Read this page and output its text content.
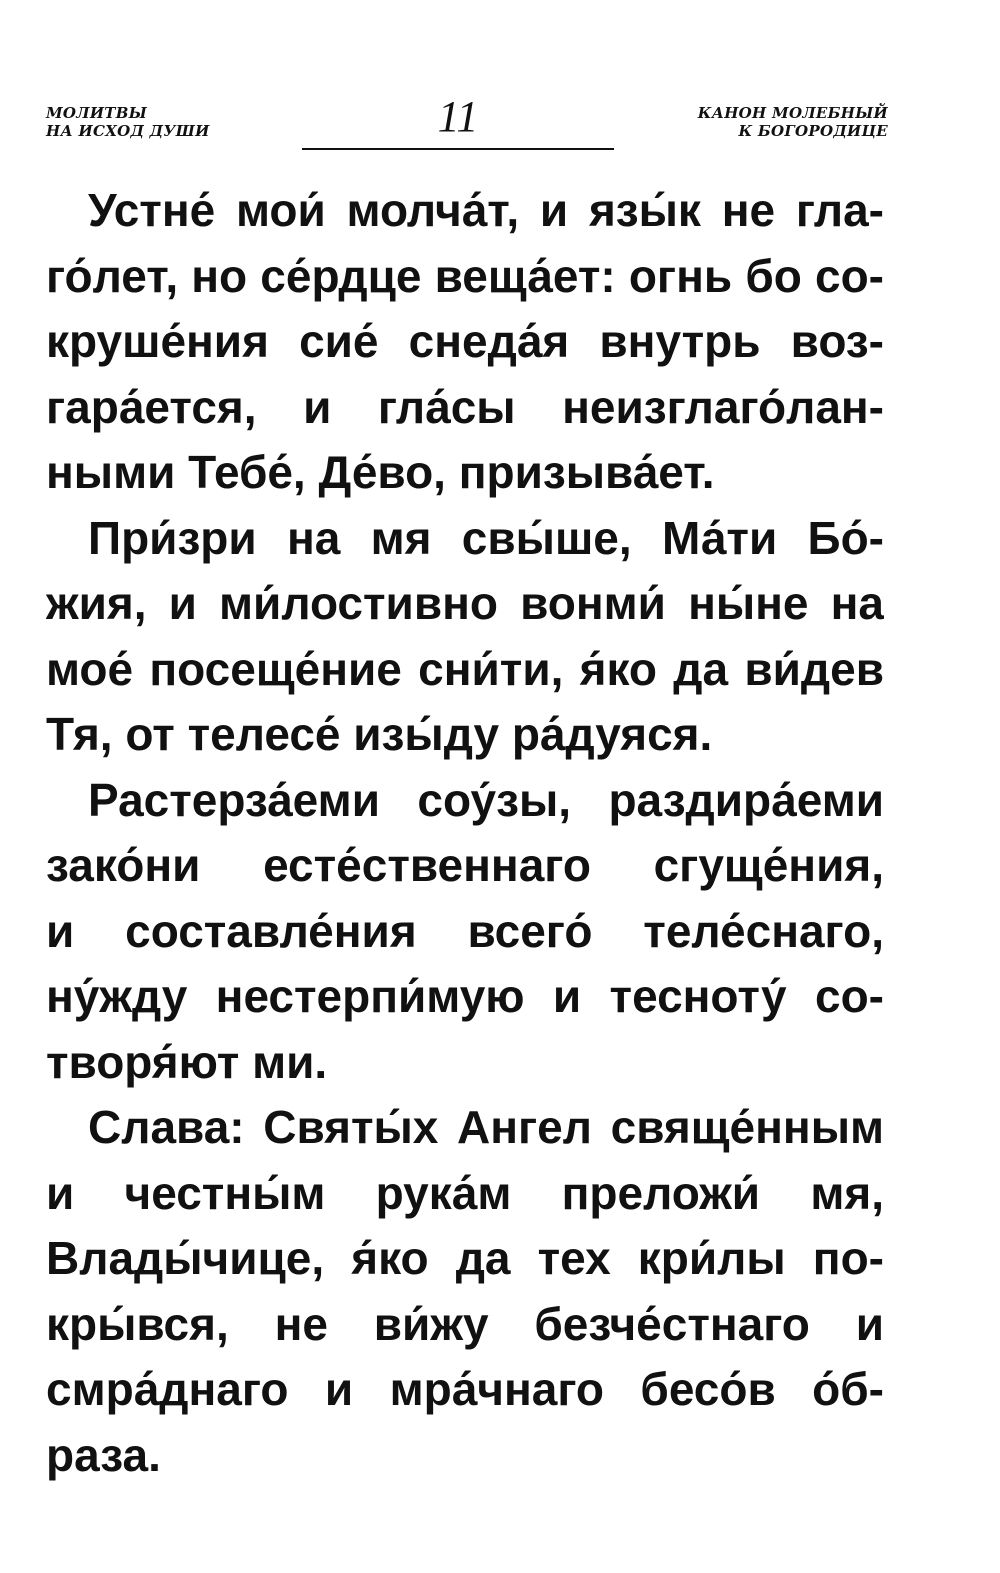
МОЛИТВЫ
НА ИСХОД ДУШИ	11	КАНОН МОЛЕБНЫЙ
К БОГОРОДИЦЕ
Устне́ мои́ молча́т, и язы́к не гла-
го́лет, но се́рдце веща́ет: огнь бо со-
круше́ния сие́ снеда́я внутрь воз-
гара́ется, и гла́сы неизглаго́лан-
ными Тебе́, Де́во, призыва́ет.
При́зри на мя свы́ше, Ма́ти Бо́-
жия, и ми́лостивно вонми́ ны́не на
мое́ посеще́ние сни́ти, я́ко да ви́дев
Тя, от телесе́ изы́ду ра́дуяся.
Растерза́еми соу́зы, раздира́еми
зако́ни есте́ственнаго сгуще́ния,
и составле́ния всего́ теле́снаго,
ну́жду нестерпи́мую и тесноту́ со-
творя́ют ми.
Слава: Святы́х Ангел свяще́нным
и честны́м рука́м преложи́ мя,
Влады́чице, я́ко да тех кри́лы по-
кры́вся, не ви́жу безче́стнаго и
смра́днаго и мра́чнаго бесо́в о́б-
раза.
